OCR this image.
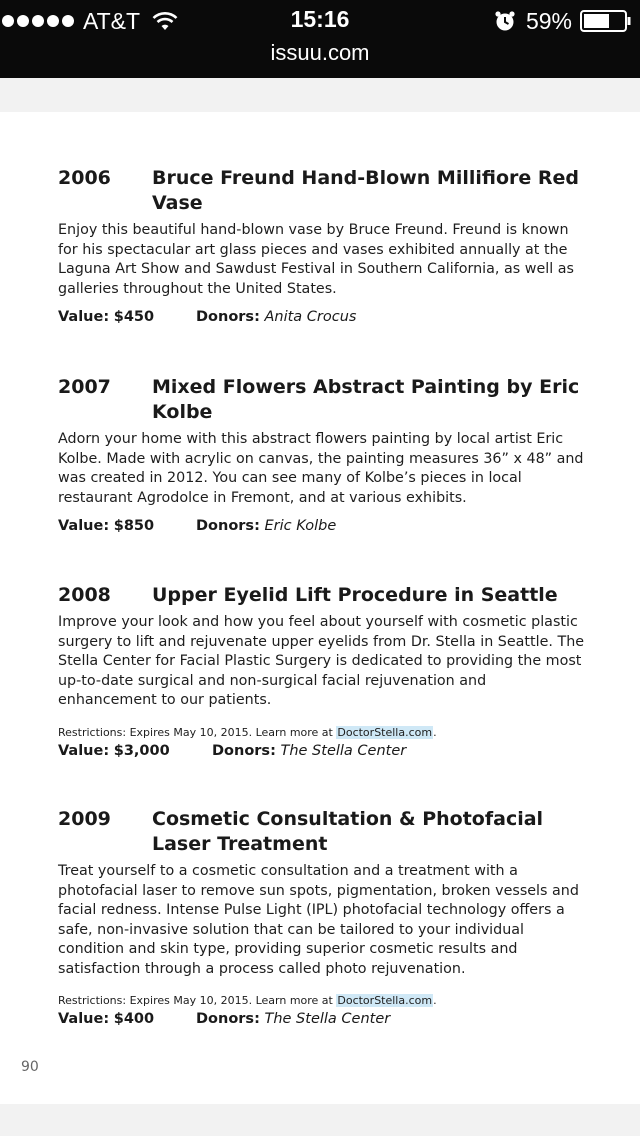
AT&T	15:16	59%
issuu.com
2006	Bruce Freund Hand-Blown Millifiore Red Vase
Enjoy this beautiful hand-blown vase by Bruce Freund. Freund is known for his spectacular art glass pieces and vases exhibited annually at the Laguna Art Show and Sawdust Festival in Southern California, as well as galleries throughout the United States.
Value: $450	Donors: Anita Crocus
2007	Mixed Flowers Abstract Painting by Eric Kolbe
Adorn your home with this abstract flowers painting by local artist Eric Kolbe. Made with acrylic on canvas, the painting measures 36” x 48” and was created in 2012. You can see many of Kolbe’s pieces in local restaurant Agrodolce in Fremont, and at various exhibits.
Value: $850	Donors: Eric Kolbe
2008	Upper Eyelid Lift Procedure in Seattle
Improve your look and how you feel about yourself with cosmetic plastic surgery to lift and rejuvenate upper eyelids from Dr. Stella in Seattle. The Stella Center for Facial Plastic Surgery is dedicated to providing the most up-to-date surgical and non-surgical facial rejuvenation and enhancement to our patients.
Restrictions: Expires May 10, 2015. Learn more at DoctorStella.com.
Value: $3,000	Donors: The Stella Center
2009	Cosmetic Consultation & Photofacial Laser Treatment
Treat yourself to a cosmetic consultation and a treatment with a photofacial laser to remove sun spots, pigmentation, broken vessels and facial redness. Intense Pulse Light (IPL) photofacial technology offers a safe, non-invasive solution that can be tailored to your individual condition and skin type, providing superior cosmetic results and satisfaction through a process called photo rejuvenation.
Restrictions: Expires May 10, 2015. Learn more at DoctorStella.com.
Value: $400	Donors: The Stella Center
90
